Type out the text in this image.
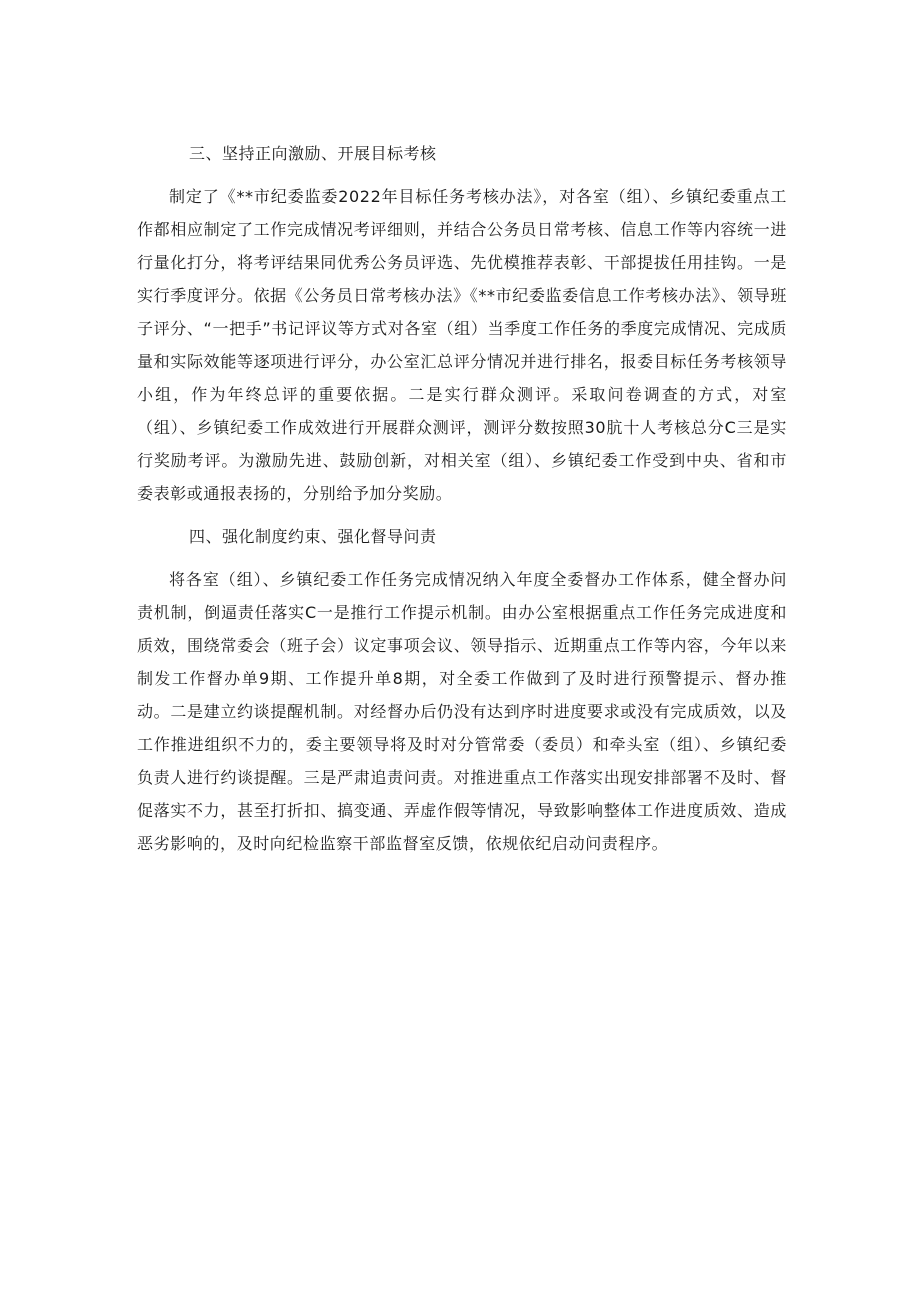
三、坚持正向激励、开展目标考核

制定了《**市纪委监委2022年目标任务考核办法》，对各室（组）、乡镇纪委重点工作都相应制定了工作完成情况考评细则，并结合公务员日常考核、信息工作等内容统一进行量化打分，将考评结果同优秀公务员评选、先优模推荐表彰、干部提拔任用挂钩。一是实行季度评分。依据《公务员日常考核办法》《**市纪委监委信息工作考核办法》、领导班子评分、“一把手”书记评议等方式对各室（组）当季度工作任务的季度完成情况、完成质量和实际效能等逐项进行评分，办公室汇总评分情况并进行排名，报委目标任务考核领导小组，作为年终总评的重要依据。二是实行群众测评。采取问卷调查的方式，对室（组）、乡镇纪委工作成效进行开展群众测评，测评分数按照30肮十人考核总分C三是实行奖励考评。为激励先进、鼓励创新，对相关室（组）、乡镇纪委工作受到中央、省和市委表彰或通报表扬的，分别给予加分奖励。

四、强化制度约束、强化督导问责

将各室（组）、乡镇纪委工作任务完成情况纳入年度全委督办工作体系，健全督办问责机制，倒逼责任落实C一是推行工作提示机制。由办公室根据重点工作任务完成进度和质效，围绕常委会（班子会）议定事项会议、领导指示、近期重点工作等内容，今年以来制发工作督办单9期、工作提升单8期，对全委工作做到了及时进行预警提示、督办推动。二是建立约谈提醒机制。对经督办后仍没有达到序时进度要求或没有完成质效，以及工作推进组织不力的，委主要领导将及时对分管常委（委员）和牵头室（组）、乡镇纪委负责人进行约谈提醒。三是严肃追责问责。对推进重点工作落实出现安排部署不及时、督促落实不力，甚至打折扣、搞变通、弄虚作假等情况，导致影响整体工作进度质效、造成恶劣影响的，及时向纪检监察干部监督室反馈，依规依纪启动问责程序。
